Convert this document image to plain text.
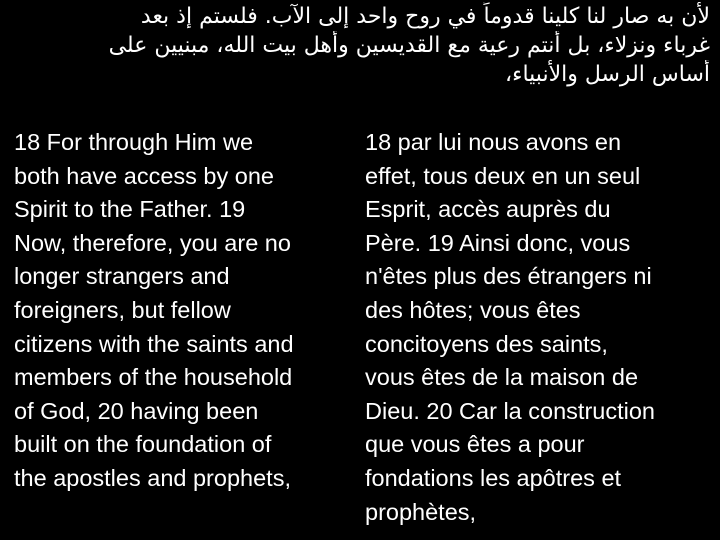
لأن به صار لنا كلينا قدوماً في روح واحد إلى الآب. فلستم إذ بعد
غرباء ونزلاء، بل أنتم رعية مع القديسين وأهل بيت الله، مبنيين على
أساس الرسل والأنبياء،
18 For through Him we
both have access by one
Spirit to the Father. 19
Now, therefore, you are no
longer strangers and
foreigners, but fellow
citizens with the saints and
members of the household
of God, 20 having been
built on the foundation of
the apostles and prophets,
18 par lui nous avons en
effet, tous deux en un seul
Esprit, accès auprès du
Père. 19 Ainsi donc, vous
n'êtes plus des étrangers ni
des hôtes; vous êtes
concitoyens des saints,
vous êtes de la maison de
Dieu. 20 Car la construction
que vous êtes a pour
fondations les apôtres et
prophètes,
